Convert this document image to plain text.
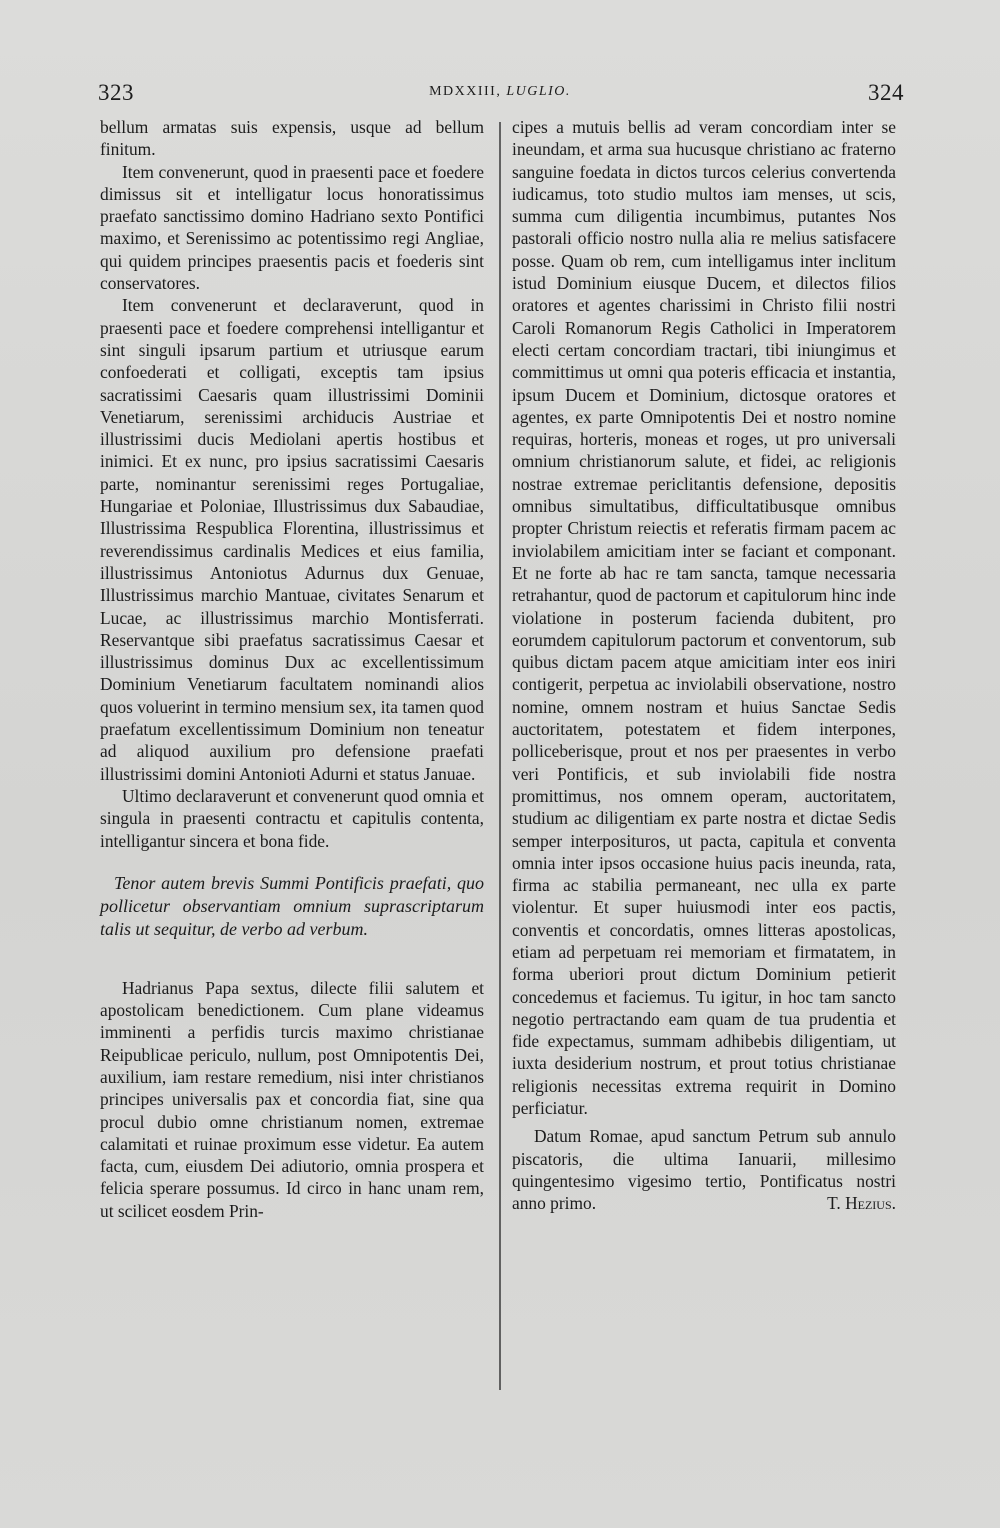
323	MDXXIII, LUGLIO.	324

bellum armatas suis expensis, usque ad bellum finitum.

Item convenerunt, quod in praesenti pace et foedere dimissus sit et intelligatur locus honoratissimus praefato sanctissimo domino Hadriano sexto Pontifici maximo, et Serenissimo ac potentissimo regi Angliae, qui quidem principes praesentis pacis et foederis sint conservatores.

Item convenerunt et declaraverunt, quod in praesenti pace et foedere comprehensi intelligantur et sint singuli ipsarum partium et utriusque earum confoederati et colligati, exceptis tam ipsius sacratissimi Caesaris quam illustrissimi Dominii Venetiarum, serenissimi archiducis Austriae et illustrissimi ducis Mediolani apertis hostibus et inimici. Et ex nunc, pro ipsius sacratissimi Caesaris parte, nominantur serenissimi reges Portugaliae, Hungariae et Poloniae, Illustrissimus dux Sabaudiae, Illustrissima Respublica Florentina, illustrissimus et reverendissimus cardinalis Medices et eius familia, illustrissimus Antoniotus Adurnus dux Genuae, Illustrissimus marchio Mantuae, civitates Senarum et Lucae, ac illustrissimus marchio Montisferrati. Reservantque sibi praefatus sacratissimus Caesar et illustrissimus dominus Dux ac excellentissimum Dominium Venetiarum facultatem nominandi alios quos voluerint in termino mensium sex, ita tamen quod praefatum excellentissimum Dominium non teneatur ad aliquod auxilium pro defensione praefati illustrissimi domini Antonioti Adurni et status Januae.

Ultimo declaraverunt et convenerunt quod omnia et singula in praesenti contractu et capitulis contenta, intelligantur sincera et bona fide.

Tenor autem brevis Summi Pontificis praefati, quo pollicetur observantiam omnium suprascriptarum talis ut sequitur, de verbo ad verbum.

Hadrianus Papa sextus, dilecte filii salutem et apostolicam benedictionem. Cum plane videamus imminenti a perfidis turcis maximo christianae Reipublicae periculo, nullum, post Omnipotentis Dei, auxilium, iam restare remedium, nisi inter christianos principes universalis pax et concordia fiat, sine qua procul dubio omne christianum nomen, extremae calamitati et ruinae proximum esse videtur. Ea autem facta, cum, eiusdem Dei adiutorio, omnia prospera et felicia sperare possumus. Id circo in hanc unam rem, ut scilicet eosdem Prin-

cipes a mutuis bellis ad veram concordiam inter se ineundam, et arma sua hucusque christiano ac fraterno sanguine foedata in dictos turcos celerius convertenda iudicamus, toto studio multos iam menses, ut scis, summa cum diligentia incumbimus, putantes Nos pastorali officio nostro nulla alia re melius satisfacere posse. Quam ob rem, cum intelligamus inter inclitum istud Dominium eiusque Ducem, et dilectos filios oratores et agentes charissimi in Christo filii nostri Caroli Romanorum Regis Catholici in Imperatorem electi certam concordiam tractari, tibi iniungimus et committimus ut omni qua poteris efficacia et instantia, ipsum Ducem et Dominium, dictosque oratores et agentes, ex parte Omnipotentis Dei et nostro nomine requiras, horteris, moneas et roges, ut pro universali omnium christianorum salute, et fidei, ac religionis nostrae extremae periclitantis defensione, depositis omnibus simultatibus, difficultatibusque omnibus propter Christum reiectis et referatis firmam pacem ac inviolabilem amicitiam inter se faciant et componant. Et ne forte ab hac re tam sancta, tamque necessaria retrahantur, quod de pactorum et capitulorum hinc inde violatione in posterum facienda dubitent, pro eorumdem capitulorum pactorum et conventorum, sub quibus dictam pacem atque amicitiam inter eos iniri contigerit, perpetua ac inviolabili observatione, nostro nomine, omnem nostram et huius Sanctae Sedis auctoritatem, potestatem et fidem interpones, polliceberisque, prout et nos per praesentes in verbo veri Pontificis, et sub inviolabili fide nostra promittimus, nos omnem operam, auctoritatem, studium ac diligentiam ex parte nostra et dictae Sedis semper interposituros, ut pacta, capitula et conventa omnia inter ipsos occasione huius pacis ineunda, rata, firma ac stabilia permaneant, nec ulla ex parte violentur. Et super huiusmodi inter eos pactis, conventis et concordatis, omnes litteras apostolicas, etiam ad perpetuam rei memoriam et firmatatem, in forma uberiori prout dictum Dominium petierit concedemus et faciemus. Tu igitur, in hoc tam sancto negotio pertractando eam quam de tua prudentia et fide expectamus, summam adhibebis diligentiam, ut iuxta desiderium nostrum, et prout totius christianae religionis necessitas extrema requirit in Domino perficiatur.

Datum Romae, apud sanctum Petrum sub annulo piscatoris, die ultima Ianuarii, millesimo quingentesimo vigesimo tertio, Pontificatus nostri anno primo.	T. Hezius.
